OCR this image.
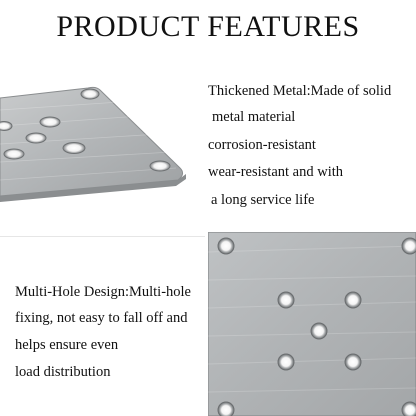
PRODUCT FEATURES
Thickened Metal:Made of solid
metal material
corrosion-resistant
wear-resistant and with
a long service life
Multi-Hole Design:Multi-hole
fixing, not easy to fall off and
helps ensure even
load distribution
